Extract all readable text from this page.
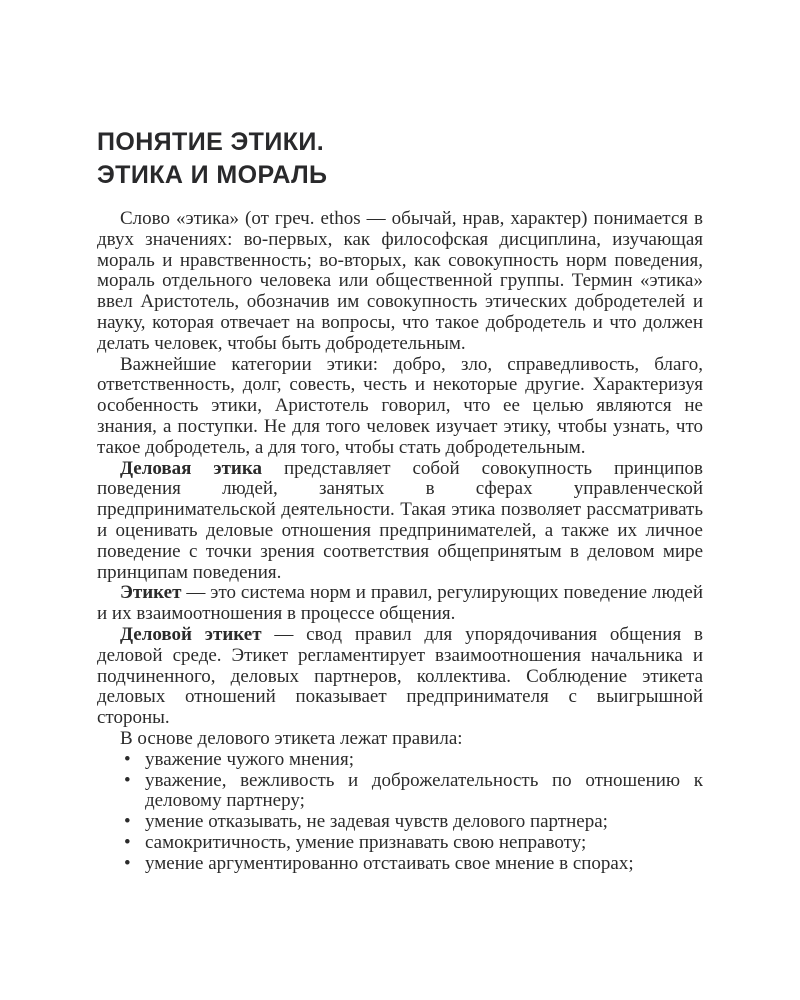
ПОНЯТИЕ ЭТИКИ.
ЭТИКА И МОРАЛЬ

Слово «этика» (от греч. ethos — обычай, нрав, характер) понимается в двух значениях: во-первых, как философская дисциплина, изучающая мораль и нравственность; во-вторых, как совокупность норм поведения, мораль отдельного человека или общественной группы. Термин «этика» ввел Аристотель, обозначив им совокупность этических добродетелей и науку, которая отвечает на вопросы, что такое добродетель и что должен делать человек, чтобы быть добродетельным.

Важнейшие категории этики: добро, зло, справедливость, благо, ответственность, долг, совесть, честь и некоторые другие. Характеризуя особенность этики, Аристотель говорил, что ее целью являются не знания, а поступки. Не для того человек изучает этику, чтобы узнать, что такое добродетель, а для того, чтобы стать добродетельным.

Деловая этика представляет собой совокупность принципов поведения людей, занятых в сферах управленческой предпринимательской деятельности. Такая этика позволяет рассматривать и оценивать деловые отношения предпринимателей, а также их личное поведение с точки зрения соответствия общепринятым в деловом мире принципам поведения.

Этикет — это система норм и правил, регулирующих поведение людей и их взаимоотношения в процессе общения.

Деловой этикет — свод правил для упорядочивания общения в деловой среде. Этикет регламентирует взаимоотношения начальника и подчиненного, деловых партнеров, коллектива. Соблюдение этикета деловых отношений показывает предпринимателя с выигрышной стороны.

В основе делового этикета лежат правила:

• уважение чужого мнения;
• уважение, вежливость и доброжелательность по отношению к деловому партнеру;
• умение отказывать, не задевая чувств делового партнера;
• самокритичность, умение признавать свою неправоту;
• умение аргументированно отстаивать свое мнение в спорах;
